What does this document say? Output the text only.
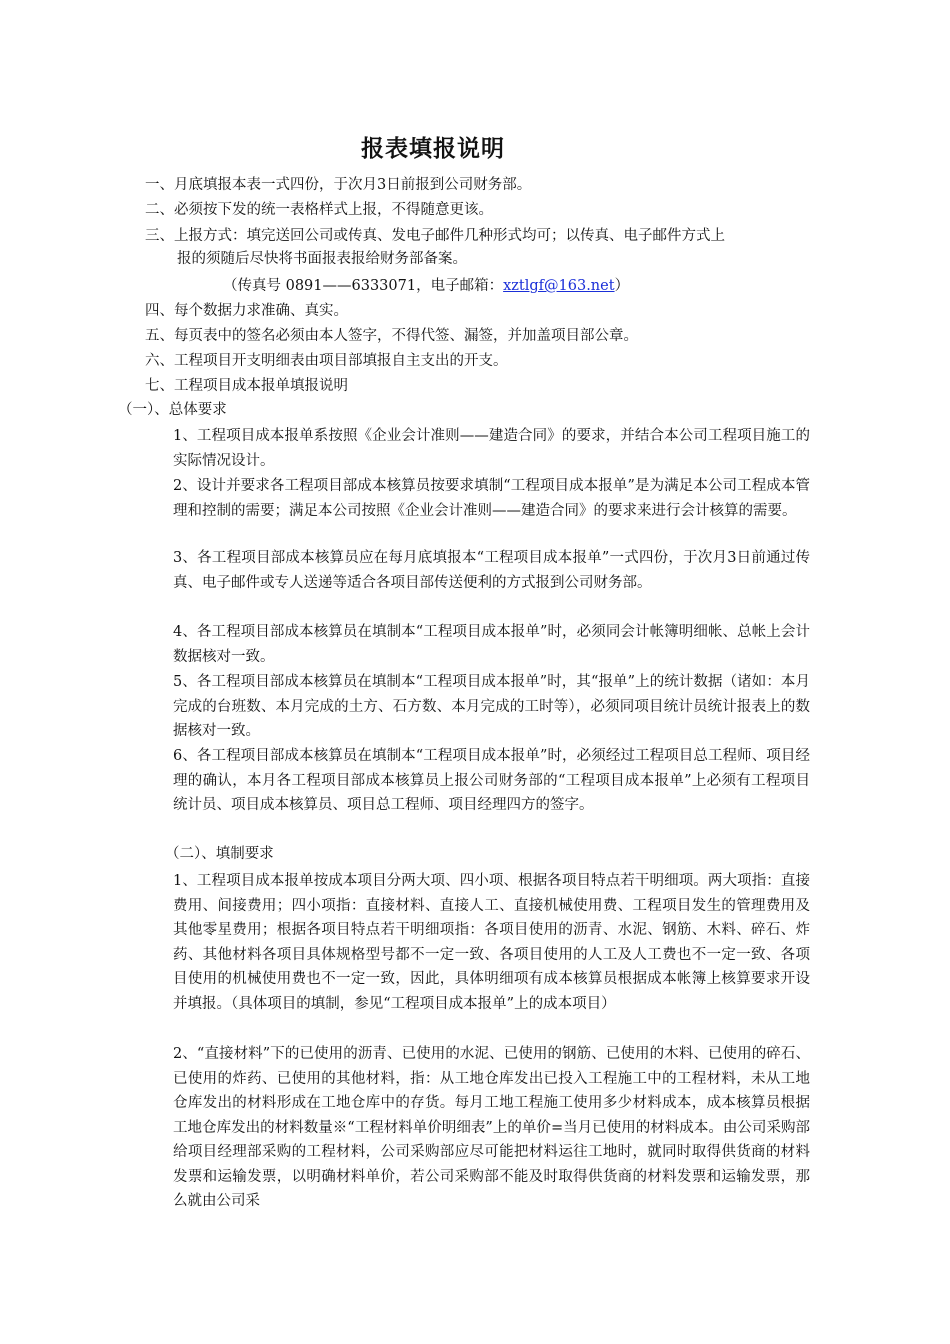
报表填报说明
一、月底填报本表一式四份，于次月3日前报到公司财务部。
二、必须按下发的统一表格样式上报，不得随意更该。
三、上报方式：填完送回公司或传真、发电子邮件几种形式均可；以传真、电子邮件方式上
报的须随后尽快将书面报表报给财务部备案。
（传真号 0891——6333071，电子邮箱：xztlgf@163.net）
四、每个数据力求准确、真实。
五、每页表中的签名必须由本人签字，不得代签、漏签，并加盖项目部公章。
六、工程项目开支明细表由项目部填报自主支出的开支。
七、工程项目成本报单填报说明
（一）、总体要求
1、工程项目成本报单系按照《企业会计准则——建造合同》的要求，并结合本公司工程项目施工的实际情况设计。
2、设计并要求各工程项目部成本核算员按要求填制“工程项目成本报单”是为满足本公司工程成本管理和控制的需要；满足本公司按照《企业会计准则——建造合同》的要求来进行会计核算的需要。
3、各工程项目部成本核算员应在每月底填报本“工程项目成本报单”一式四份，于次月3日前通过传真、电子邮件或专人送递等适合各项目部传送便利的方式报到公司财务部。
4、各工程项目部成本核算员在填制本“工程项目成本报单”时，必须同会计帐簿明细帐、总帐上会计数据核对一致。
5、各工程项目部成本核算员在填制本“工程项目成本报单”时，其“报单”上的统计数据（诸如：本月完成的台班数、本月完成的土方、石方数、本月完成的工时等），必须同项目统计员统计报表上的数据核对一致。
6、各工程项目部成本核算员在填制本“工程项目成本报单”时，必须经过工程项目总工程师、项目经理的确认，本月各工程项目部成本核算员上报公司财务部的“工程项目成本报单”上必须有工程项目统计员、项目成本核算员、项目总工程师、项目经理四方的签字。
（二）、填制要求
1、工程项目成本报单按成本项目分两大项、四小项、根据各项目特点若干明细项。两大项指：直接费用、间接费用；四小项指：直接材料、直接人工、直接机械使用费、工程项目发生的管理费用及其他零星费用；根据各项目特点若干明细项指：各项目使用的沥青、水泥、钢筋、木料、碎石、炸药、其他材料各项目具体规格型号都不一定一致、各项目使用的人工及人工费也不一定一致、各项目使用的机械使用费也不一定一致，因此，具体明细项有成本核算员根据成本帐簿上核算要求开设并填报。（具体项目的填制，参见“工程项目成本报单”上的成本项目）
2、“直接材料”下的已使用的沥青、已使用的水泥、已使用的钢筋、已使用的木料、已使用的碎石、已使用的炸药、已使用的其他材料，指：从工地仓库发出已投入工程施工中的工程材料，未从工地仓库发出的材料形成在工地仓库中的存货。每月工地工程施工使用多少材料成本，成本核算员根据工地仓库发出的材料数量※“工程材料单价明细表”上的单价=当月已使用的材料成本。由公司采购部给项目经理部采购的工程材料，公司采购部应尽可能把材料运往工地时，就同时取得供货商的材料发票和运输发票，以明确材料单价，若公司采购部不能及时取得供货商的材料发票和运输发票，那么就由公司采
